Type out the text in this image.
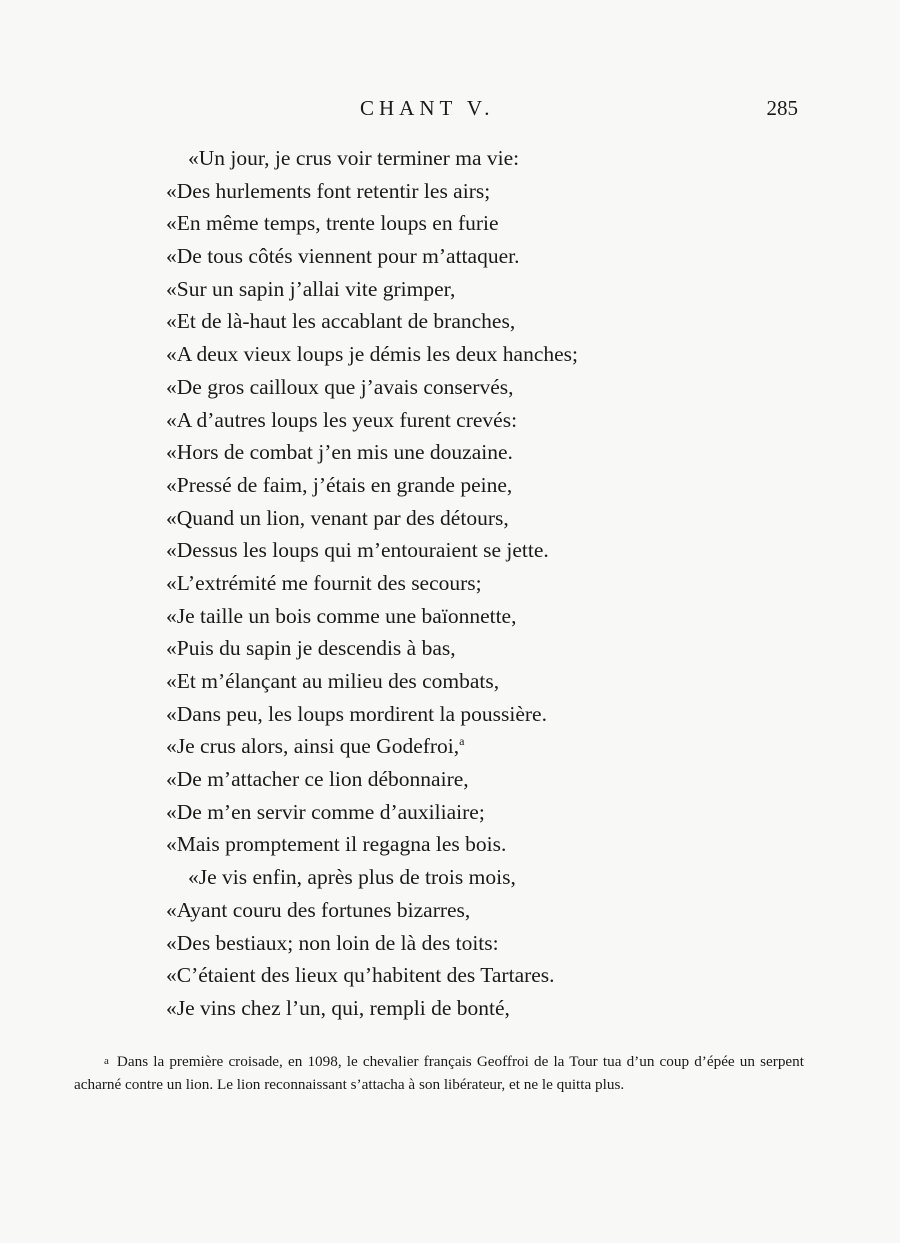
CHANT V.	285
«Un jour, je crus voir terminer ma vie:
«Des hurlements font retentir les airs;
«En même temps, trente loups en furie
«De tous côtés viennent pour m’attaquer.
«Sur un sapin j’allai vite grimper,
«Et de là-haut les accablant de branches,
«A deux vieux loups je démis les deux hanches;
«De gros cailloux que j’avais conservés,
«A d’autres loups les yeux furent crevés:
«Hors de combat j’en mis une douzaine.
«Pressé de faim, j’étais en grande peine,
«Quand un lion, venant par des détours,
«Dessus les loups qui m’entouraient se jette.
«L’extrémité me fournit des secours;
«Je taille un bois comme une baïonnette,
«Puis du sapin je descendis à bas,
«Et m’élançant au milieu des combats,
«Dans peu, les loups mordirent la poussière.
«Je crus alors, ainsi que Godefroi,$^a$
«De m’attacher ce lion débonnaire,
«De m’en servir comme d’auxiliaire;
«Mais promptement il regagna les bois.
«Je vis enfin, après plus de trois mois,
«Ayant couru des fortunes bizarres,
«Des bestiaux; non loin de là des toits:
«C’étaient des lieux qu’habitent des Tartares.
«Je vins chez l’un, qui, rempli de bonté,
a Dans la première croisade, en 1098, le chevalier français Geoffroi de la Tour tua d’un coup d’épée un serpent acharné contre un lion. Le lion reconnaissant s’attacha à son libérateur, et ne le quitta plus.
